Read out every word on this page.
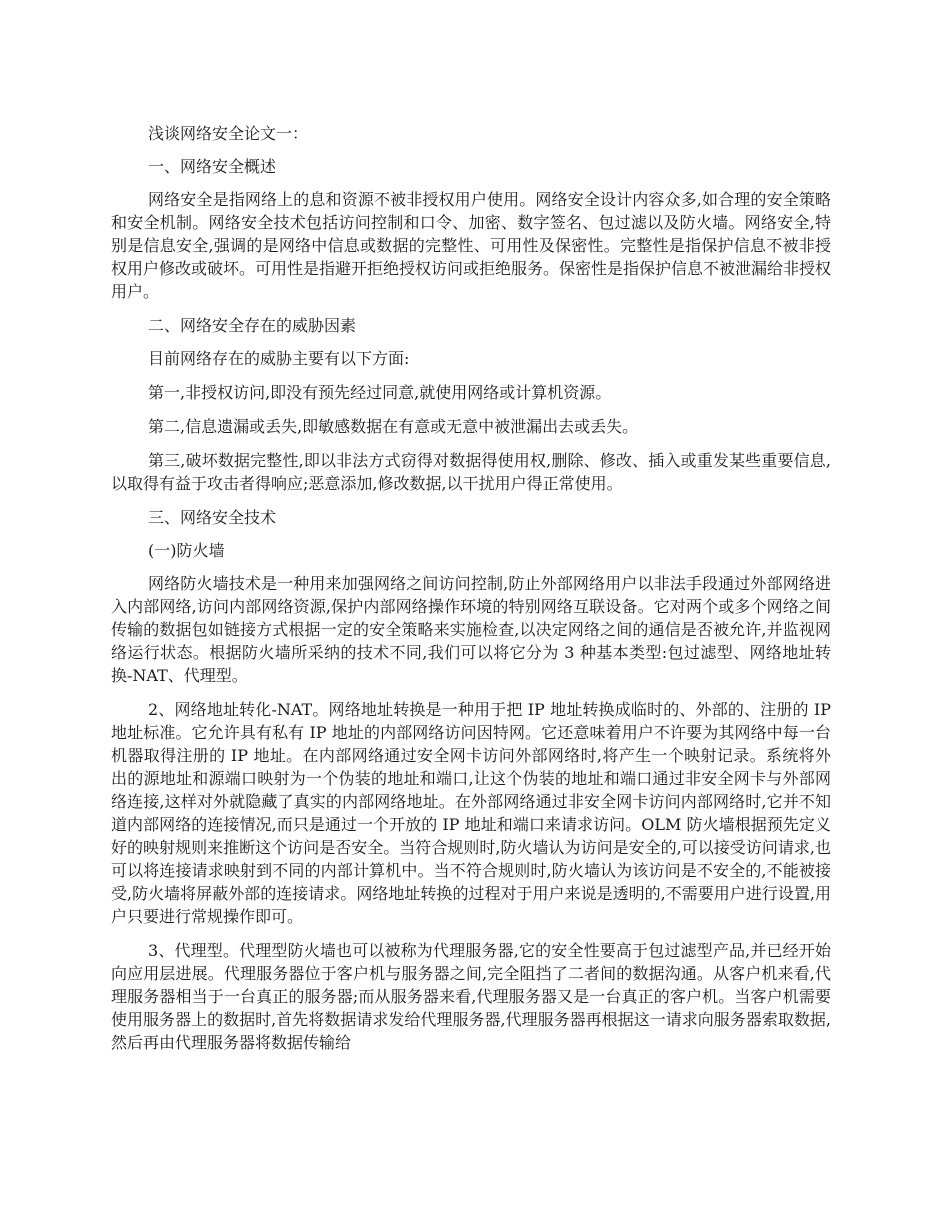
浅谈网络安全论文一：

一、网络安全概述

网络安全是指网络上的息和资源不被非授权用户使用。网络安全设计内容众多,如合理的安全策略和安全机制。网络安全技术包括访问控制和口令、加密、数字签名、包过滤以及防火墙。网络安全,特别是信息安全,强调的是网络中信息或数据的完整性、可用性及保密性。完整性是指保护信息不被非授权用户修改或破坏。可用性是指避开拒绝授权访问或拒绝服务。保密性是指保护信息不被泄漏给非授权用户。

二、网络安全存在的威胁因素

目前网络存在的威胁主要有以下方面:

第一,非授权访问,即没有预先经过同意,就使用网络或计算机资源。

第二,信息遗漏或丢失,即敏感数据在有意或无意中被泄漏出去或丢失。

第三,破坏数据完整性,即以非法方式窃得对数据得使用权,删除、修改、插入或重发某些重要信息,以取得有益于攻击者得响应;恶意添加,修改数据,以干扰用户得正常使用。

三、网络安全技术

(一)防火墙

网络防火墙技术是一种用来加强网络之间访问控制,防止外部网络用户以非法手段通过外部网络进入内部网络,访问内部网络资源,保护内部网络操作环境的特别网络互联设备。它对两个或多个网络之间传输的数据包如链接方式根据一定的安全策略来实施检查,以决定网络之间的通信是否被允许,并监视网络运行状态。根据防火墙所采纳的技术不同,我们可以将它分为 3 种基本类型:包过滤型、网络地址转换-NAT、代理型。

2、网络地址转化-NAT。网络地址转换是一种用于把 IP 地址转换成临时的、外部的、注册的 IP 地址标准。它允许具有私有 IP 地址的内部网络访问因特网。它还意味着用户不许要为其网络中每一台机器取得注册的 IP 地址。在内部网络通过安全网卡访问外部网络时,将产生一个映射记录。系统将外出的源地址和源端口映射为一个伪装的地址和端口,让这个伪装的地址和端口通过非安全网卡与外部网络连接,这样对外就隐藏了真实的内部网络地址。在外部网络通过非安全网卡访问内部网络时,它并不知道内部网络的连接情况,而只是通过一个开放的 IP 地址和端口来请求访问。OLM 防火墙根据预先定义好的映射规则来推断这个访问是否安全。当符合规则时,防火墙认为访问是安全的,可以接受访问请求,也可以将连接请求映射到不同的内部计算机中。当不符合规则时,防火墙认为该访问是不安全的,不能被接受,防火墙将屏蔽外部的连接请求。网络地址转换的过程对于用户来说是透明的,不需要用户进行设置,用户只要进行常规操作即可。

3、代理型。代理型防火墙也可以被称为代理服务器,它的安全性要高于包过滤型产品,并已经开始向应用层进展。代理服务器位于客户机与服务器之间,完全阻挡了二者间的数据沟通。从客户机来看,代理服务器相当于一台真正的服务器;而从服务器来看,代理服务器又是一台真正的客户机。当客户机需要使用服务器上的数据时,首先将数据请求发给代理服务器,代理服务器再根据这一请求向服务器索取数据,然后再由代理服务器将数据传输给
